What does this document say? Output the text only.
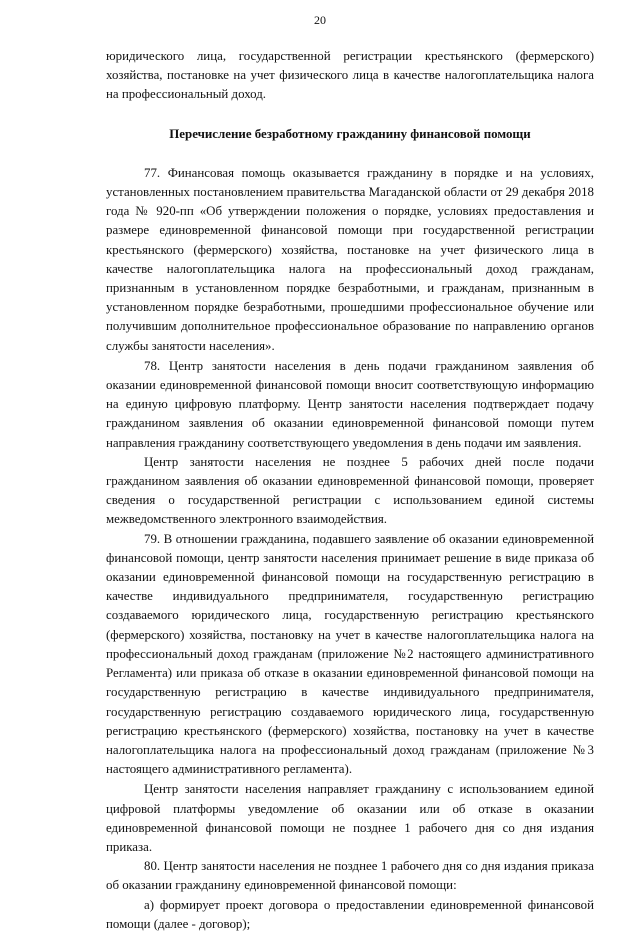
20

юридического лица, государственной регистрации крестьянского (фермерского) хозяйства, постановке на учет физического лица в качестве налогоплательщика налога на профессиональный доход.

Перечисление безработному гражданину финансовой помощи

77. Финансовая помощь оказывается гражданину в порядке и на условиях, установленных постановлением правительства Магаданской области от 29 декабря 2018 года № 920-пп «Об утверждении положения о порядке, условиях предоставления и размере единовременной финансовой помощи при государственной регистрации крестьянского (фермерского) хозяйства, постановке на учет физического лица в качестве налогоплательщика налога на профессиональный доход гражданам, признанным в установленном порядке безработными, и гражданам, признанным в установленном порядке безработными, прошедшими профессиональное обучение или получившим дополнительное профессиональное образование по направлению органов службы занятости населения».

78. Центр занятости населения в день подачи гражданином заявления об оказании единовременной финансовой помощи вносит соответствующую информацию на единую цифровую платформу. Центр занятости населения подтверждает подачу гражданином заявления об оказании единовременной финансовой помощи путем направления гражданину соответствующего уведомления в день подачи им заявления.

Центр занятости населения не позднее 5 рабочих дней после подачи гражданином заявления об оказании единовременной финансовой помощи, проверяет сведения о государственной регистрации с использованием единой системы межведомственного электронного взаимодействия.

79. В отношении гражданина, подавшего заявление об оказании единовременной финансовой помощи, центр занятости населения принимает решение в виде приказа об оказании единовременной финансовой помощи на государственную регистрацию в качестве индивидуального предпринимателя, государственную регистрацию создаваемого юридического лица, государственную регистрацию крестьянского (фермерского) хозяйства, постановку на учет в качестве налогоплательщика налога на профессиональный доход гражданам (приложение №2 настоящего административного Регламента) или приказа об отказе в оказании единовременной финансовой помощи на государственную регистрацию в качестве индивидуального предпринимателя, государственную регистрацию создаваемого юридического лица, государственную регистрацию крестьянского (фермерского) хозяйства, постановку на учет в качестве налогоплательщика налога на профессиональный доход гражданам (приложение №3 настоящего административного регламента).

Центр занятости населения направляет гражданину с использованием единой цифровой платформы уведомление об оказании или об отказе в оказании единовременной финансовой помощи не позднее 1 рабочего дня со дня издания приказа.

80. Центр занятости населения не позднее 1 рабочего дня со дня издания приказа об оказании гражданину единовременной финансовой помощи:

а) формирует проект договора о предоставлении единовременной финансовой помощи (далее - договор);
